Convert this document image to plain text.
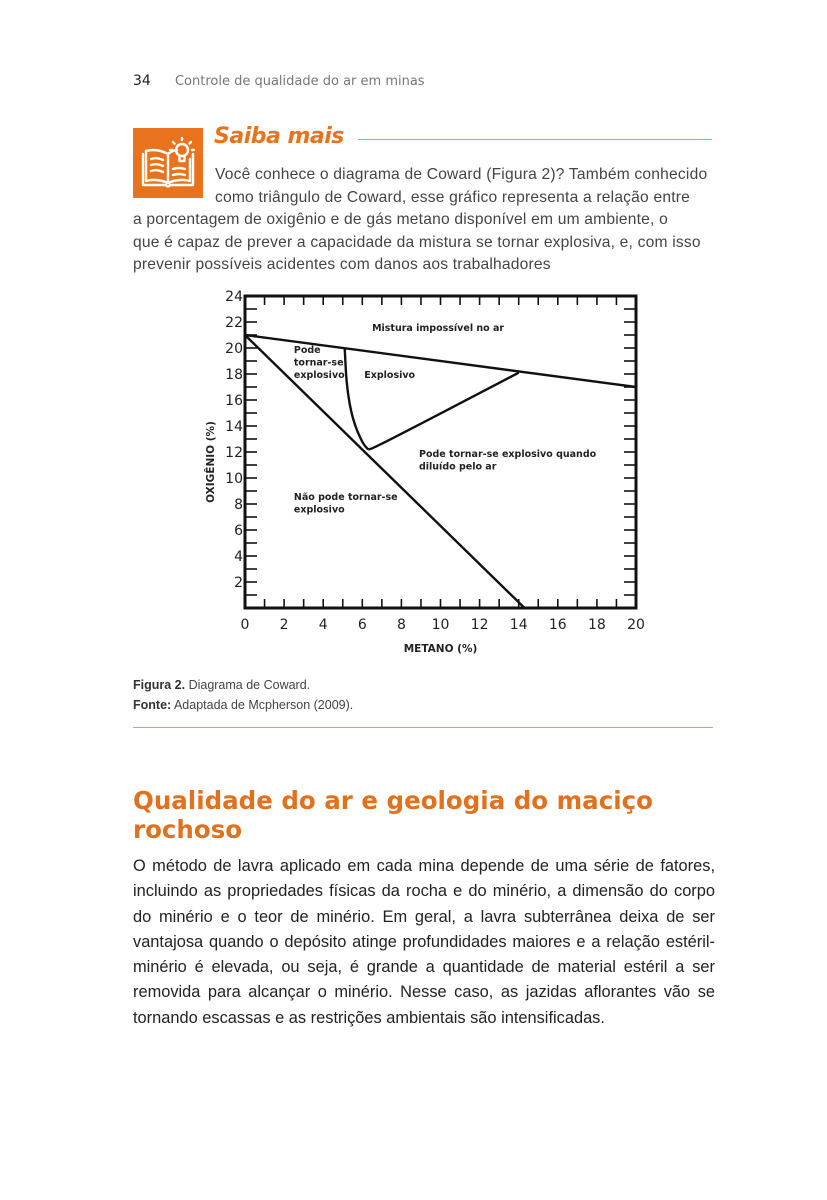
34 Controle de qualidade do ar em minas
Saiba mais
Você conhece o diagrama de Coward (Figura 2)? Também conhecido
como triângulo de Coward, esse gráfico representa a relação entre
a porcentagem de oxigênio e de gás metano disponível em um ambiente, o
que é capaz de prever a capacidade da mistura se tornar explosiva, e, com isso
prevenir possíveis acidentes com danos aos trabalhadores
0 2 4 6 8 10 12 14 16 18 20
2
4
6
8
10
12
14
16
18
20
22
24
METANO (%)
OXIGÊNIO (%)
Mistura impossível no ar
Pode
tornar-se
explosivo Explosivo
Pode tornar-se explosivo quando
diluído pelo ar
Não pode tornar-se
explosivo
Figura 2. Diagrama de Coward.
Fonte: Adaptada de Mcpherson (2009).
Qualidade do ar e geologia do maciço rochoso
O método de lavra aplicado em cada mina depende de uma série de fatores, incluindo as propriedades físicas da rocha e do minério, a dimensão do corpo do minério e o teor de minério. Em geral, a lavra subterrânea deixa de ser vantajosa quando o depósito atinge profundidades maiores e a relação estéril-minério é elevada, ou seja, é grande a quantidade de material estéril a ser removida para alcançar o minério. Nesse caso, as jazidas aflorantes vão se tornando escassas e as restrições ambientais são intensificadas.
